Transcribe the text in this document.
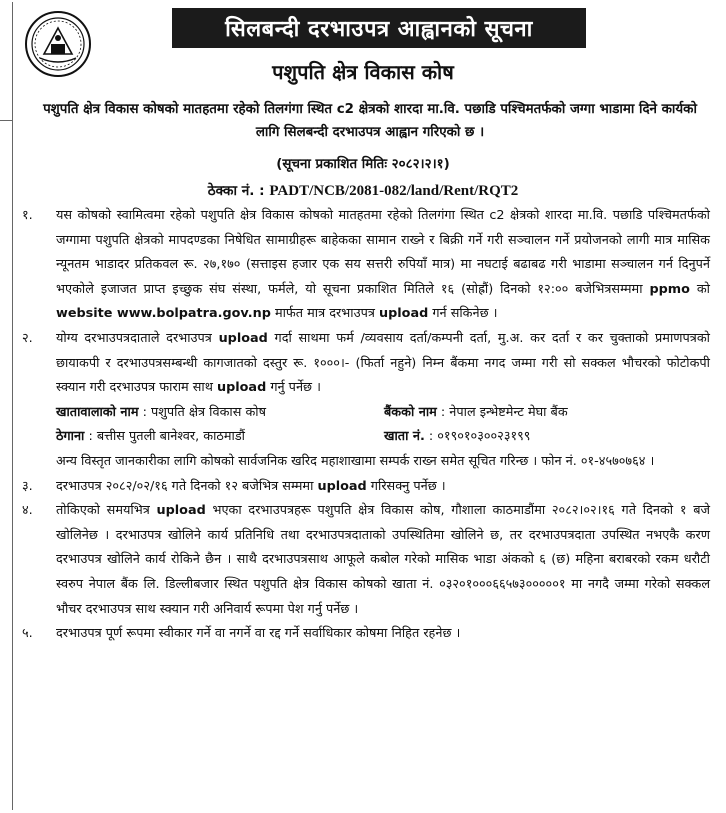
सिलबन्दी दरभाउपत्र आह्वानको सूचना
पशुपति क्षेत्र विकास कोष
पशुपति क्षेत्र विकास कोषको मातहतमा रहेको तिलगंगा स्थित c2 क्षेत्रको शारदा मा.वि. पछाडि पश्चिमतर्फको जग्गा भाडामा दिने कार्यको लागि सिलबन्दी दरभाउपत्र आह्वान गरिएको छ ।
(सूचना प्रकाशित मितिः २०८२।२।१)
ठेक्का नं. : PADT/NCB/2081-082/land/Rent/RQT2
१. यस कोषको स्वामित्वमा रहेको पशुपति क्षेत्र विकास कोषको मातहतमा रहेको तिलगंगा स्थित c2 क्षेत्रको शारदा मा.वि. पछाडि पश्चिमतर्फको जग्गामा पशुपति क्षेत्रको मापदण्डका निषेधित सामाग्रीहरू बाहेकका सामान राख्ने र बिक्री गर्ने गरी सञ्चालन गर्ने प्रयोजनको लागी मात्र मासिक न्यूनतम भाडादर प्रतिकवल रू. २७,१७० (सत्ताइस हजार एक सय सत्तरी रुपियाँ मात्र) मा नघटाई बढाबढ गरी भाडामा सञ्चालन गर्न दिनुपर्ने भएकोले इजाजत प्राप्त इच्छुक संघ संस्था, फर्मले, यो सूचना प्रकाशित मितिले १६ (सोह्रौं) दिनको १२:०० बजेभित्रसम्ममा ppmo को website www.bolpatra.gov.np मार्फत मात्र दरभाउपत्र upload गर्न सकिनेछ ।
२. योग्य दरभाउपत्रदाताले दरभाउपत्र upload गर्दा साथमा फर्म /व्यवसाय दर्ता/कम्पनी दर्ता, मु.अ. कर दर्ता र कर चुक्ताको प्रमाणपत्रको छायाकपी र दरभाउपत्रसम्बन्धी कागजातको दस्तुर रू. १०००।- (फिर्ता नहुने) निम्न बैंकमा नगद जम्मा गरी सो सक्कल भौचरको फोटोकपी स्क्यान गरी दरभाउपत्र फाराम साथ upload गर्नु पर्नेछ ।
खातावालाको नाम : पशुपति क्षेत्र विकास कोष	बैंकको नाम : नेपाल इन्भेष्टमेन्ट मेघा बैंक
ठेगाना : बत्तीस पुतली बानेश्वर, काठमाडौं	खाता नं. : ०१९०१०३००२३१९९
अन्य विस्तृत जानकारीका लागि कोषको सार्वजनिक खरिद महाशाखामा सम्पर्क राख्न समेत सूचित गरिन्छ । फोन नं. ०१-४५७०७६४ ।
३. दरभाउपत्र २०८२/०२/१६ गते दिनको १२ बजेभित्र सम्ममा upload गरिसक्नु पर्नेछ ।
४. तोकिएको समयभित्र upload भएका दरभाउपत्रहरू पशुपति क्षेत्र विकास कोष, गौशाला काठमाडौंमा २०८२।०२।१६ गते दिनको १ बजे खोलिनेछ । दरभाउपत्र खोलिने कार्य प्रतिनिधि तथा दरभाउपत्रदाताको उपस्थितिमा खोलिने छ, तर दरभाउपत्रदाता उपस्थित नभएकै करण दरभाउपत्र खोलिने कार्य रोकिने छैन । साथै दरभाउपत्रसाथ आफूले कबोल गरेको मासिक भाडा अंकको ६ (छ) महिना बराबरको रकम धरौटी स्वरुप नेपाल बैंक लि. डिल्लीबजार स्थित पशुपति क्षेत्र विकास कोषको खाता नं. ०३२०१०००६६५७३०००००१ मा नगदै जम्मा गरेको सक्कल भौचर दरभाउपत्र साथ स्क्यान गरी अनिवार्य रूपमा पेश गर्नु पर्नेछ ।
५. दरभाउपत्र पूर्ण रूपमा स्वीकार गर्ने वा नगर्ने वा रद्द गर्ने सर्वाधिकार कोषमा निहित रहनेछ ।
